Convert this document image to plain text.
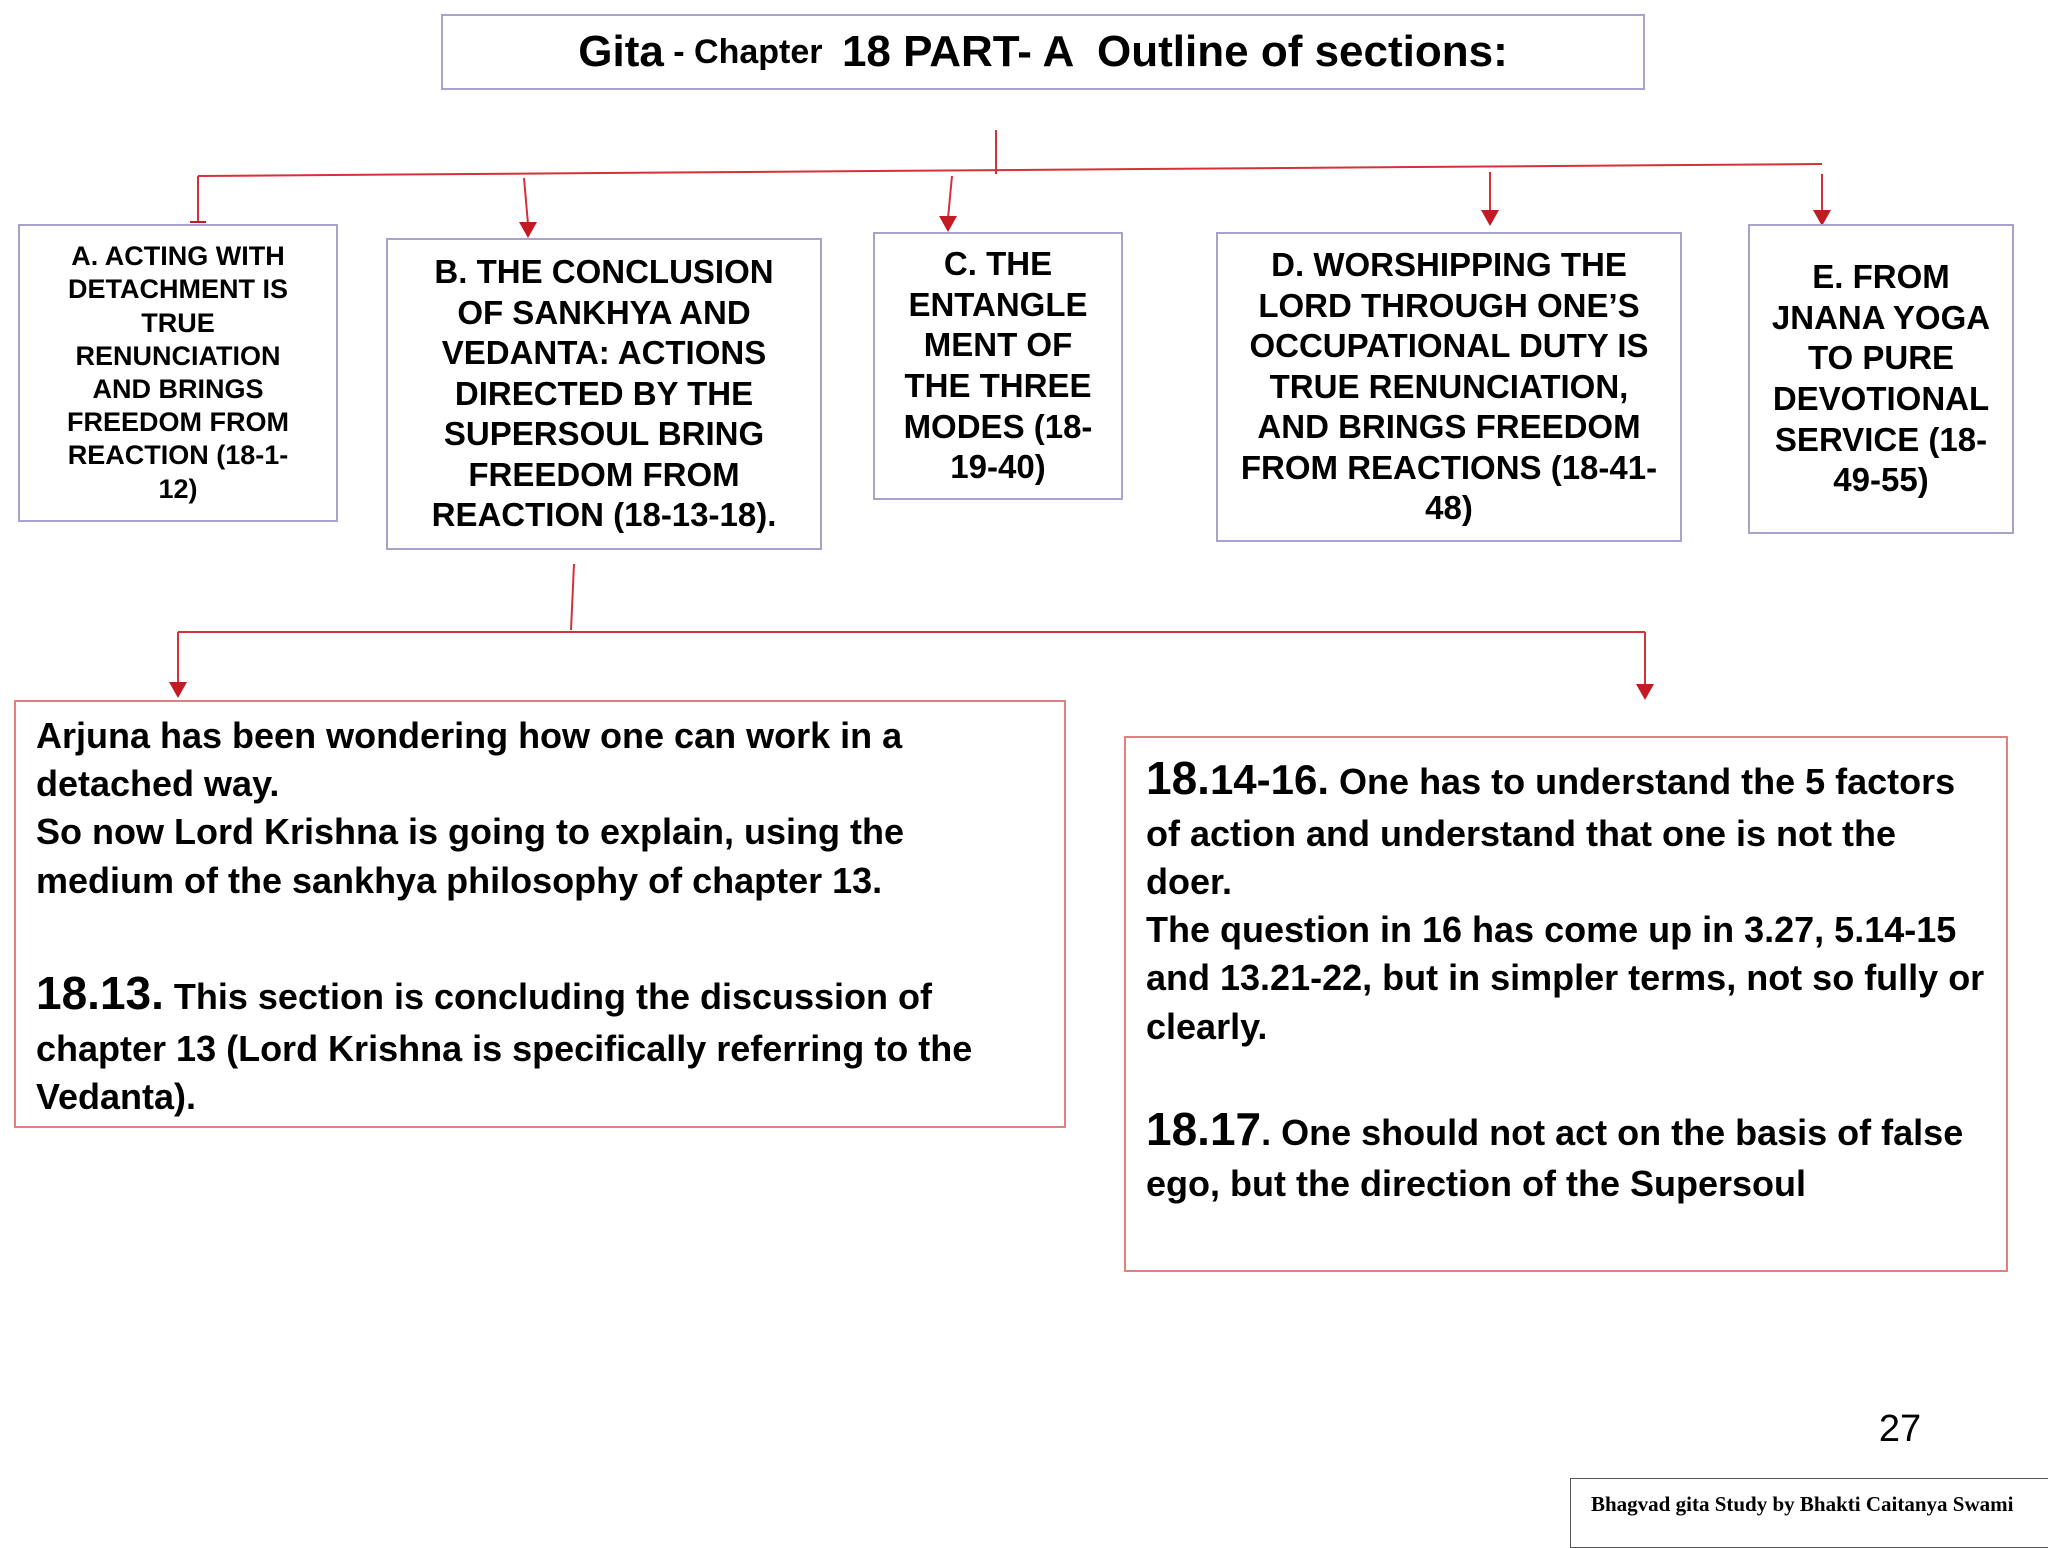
Gita - Chapter 18 PART- A  Outline of sections:
A. ACTING WITH DETACHMENT IS TRUE RENUNCIATION AND BRINGS FREEDOM FROM REACTION (18-1-12)
B. THE CONCLUSION OF SANKHYA AND VEDANTA: ACTIONS DIRECTED BY THE SUPERSOUL BRING FREEDOM FROM REACTION (18-13-18).
C. THE ENTANGLE MENT OF THE THREE MODES (18-19-40)
D. WORSHIPPING THE LORD THROUGH ONE’S OCCUPATIONAL DUTY IS TRUE RENUNCIATION, AND BRINGS FREEDOM FROM REACTIONS (18-41-48)
E. FROM JNANA YOGA TO PURE DEVOTIONAL SERVICE (18-49-55)
Arjuna has been wondering how one can work in a detached way.
So now Lord Krishna is going to explain, using the medium of the sankhya philosophy of chapter 13.
18.13. This section is concluding the discussion of chapter 13 (Lord Krishna is specifically referring to the Vedanta).
18.14-16. One has to understand the 5 factors of action and understand that one is not the doer.
The question in 16 has come up in 3.27, 5.14-15 and 13.21-22, but in simpler terms, not so fully or clearly.
18.17. One should not act on the basis of false ego, but the direction of the Supersoul
27
Bhagvad gita Study by Bhakti Caitanya Swami
